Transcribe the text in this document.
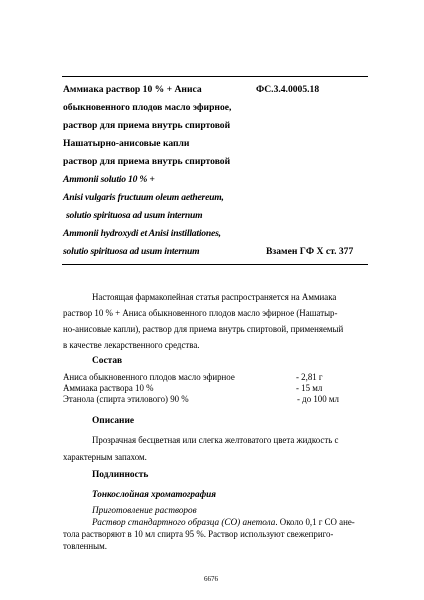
Аммиака раствор 10 % + Аниса	ФС.3.4.0005.18
обыкновенного плодов масло эфирное,
раствор для приема внутрь спиртовой
Нашатырно-анисовые капли
раствор для приема внутрь спиртовой
Ammonii solutio 10 % +
Anisi vulgaris fructuum oleum aethereum,
solutio spirituosa ad usum internum
Ammonii hydroxydi et Anisi instillationes,
solutio spirituosa ad usum internum	Взамен ГФ Х ст. 377
Настоящая фармакопейная статья распространяется на Аммиака
раствор 10 % + Аниса обыкновенного плодов масло эфирное (Нашатыр-
но-анисовые капли), раствор для приема внутрь спиртовой, применяемый
в качестве лекарственного средства.
Состав
Аниса обыкновенного плодов масло эфирное	- 2,81 г
Аммиака раствора 10 %	- 15 мл
Этанола (спирта этилового) 90 %	- до 100 мл
Описание
Прозрачная бесцветная или слегка желтоватого цвета жидкость с
характерным запахом.
Подлинность
Тонкослойная хроматография
Приготовление растворов
Раствор стандартного образца (СО) анетола. Около 0,1 г СО ане-
тола растворяют в 10 мл спирта 95 %. Раствор используют свежеприго-
товленным.
6676
